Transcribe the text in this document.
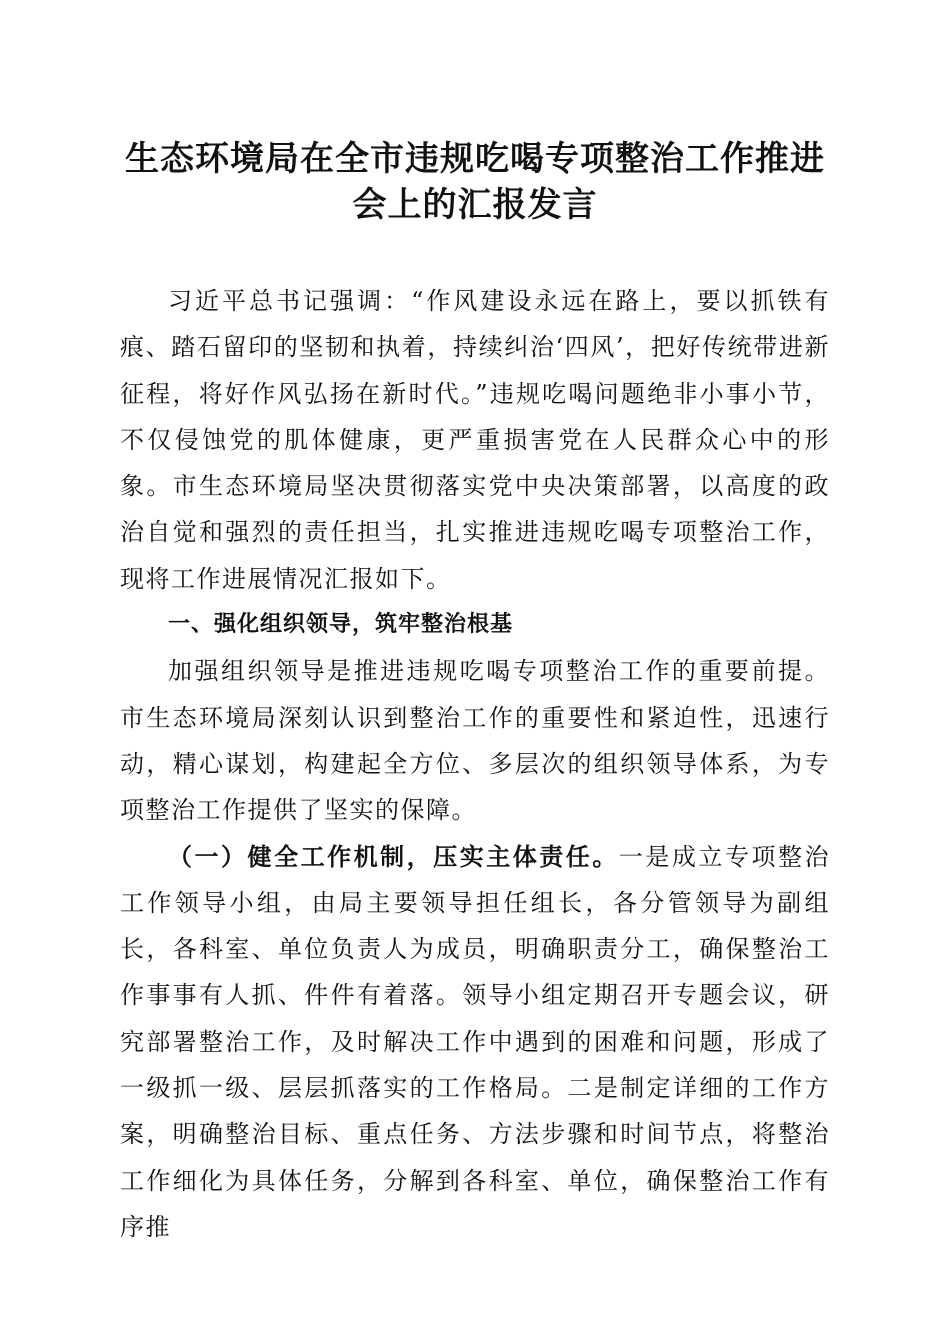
生态环境局在全市违规吃喝专项整治工作推进
会上的汇报发言

习近平总书记强调：“作风建设永远在路上，要以抓铁有痕、踏石留印的坚韧和执着，持续纠治‘四风’，把好传统带进新征程，将好作风弘扬在新时代。”违规吃喝问题绝非小事小节，不仅侵蚀党的肌体健康，更严重损害党在人民群众心中的形象。市生态环境局坚决贯彻落实党中央决策部署，以高度的政治自觉和强烈的责任担当，扎实推进违规吃喝专项整治工作，现将工作进展情况汇报如下。

一、强化组织领导，筑牢整治根基

加强组织领导是推进违规吃喝专项整治工作的重要前提。市生态环境局深刻认识到整治工作的重要性和紧迫性，迅速行动，精心谋划，构建起全方位、多层次的组织领导体系，为专项整治工作提供了坚实的保障。

（一）健全工作机制，压实主体责任。一是成立专项整治工作领导小组，由局主要领导担任组长，各分管领导为副组长，各科室、单位负责人为成员，明确职责分工，确保整治工作事事有人抓、件件有着落。领导小组定期召开专题会议，研究部署整治工作，及时解决工作中遇到的困难和问题，形成了一级抓一级、层层抓落实的工作格局。二是制定详细的工作方案，明确整治目标、重点任务、方法步骤和时间节点，将整治工作细化为具体任务，分解到各科室、单位，确保整治工作有序推
